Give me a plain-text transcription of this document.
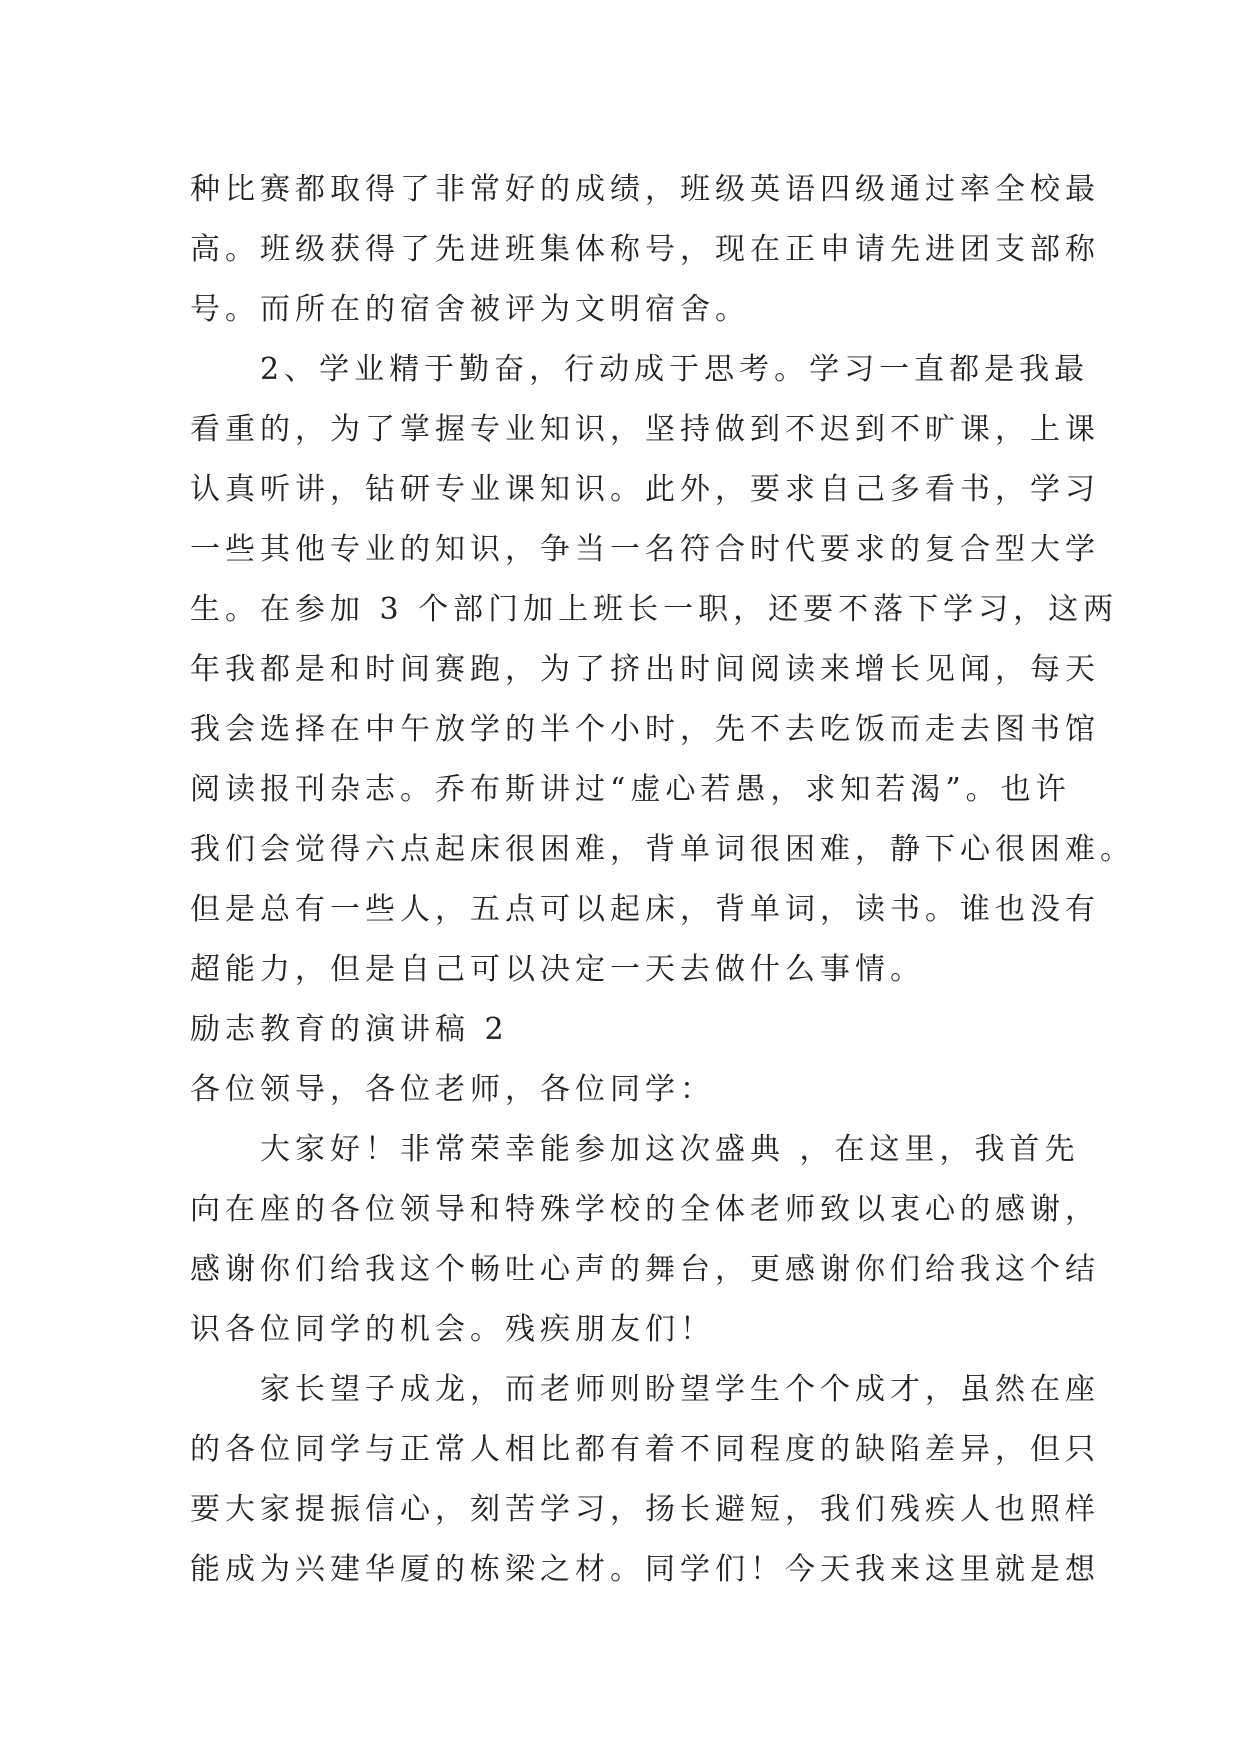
种比赛都取得了非常好的成绩，班级英语四级通过率全校最
高。班级获得了先进班集体称号，现在正申请先进团支部称
号。而所在的宿舍被评为文明宿舍。
2、学业精于勤奋，行动成于思考。学习一直都是我最
看重的，为了掌握专业知识，坚持做到不迟到不旷课，上课
认真听讲，钻研专业课知识。此外，要求自己多看书，学习
一些其他专业的知识，争当一名符合时代要求的复合型大学
生。在参加 3 个部门加上班长一职，还要不落下学习，这两
年我都是和时间赛跑，为了挤出时间阅读来增长见闻，每天
我会选择在中午放学的半个小时，先不去吃饭而走去图书馆
阅读报刊杂志。乔布斯讲过“虚心若愚，求知若渴”。也许
我们会觉得六点起床很困难，背单词很困难，静下心很困难。
但是总有一些人，五点可以起床，背单词，读书。谁也没有
超能力，但是自己可以决定一天去做什么事情。
励志教育的演讲稿 2
各位领导，各位老师，各位同学：
大家好！非常荣幸能参加这次盛典 ，在这里，我首先
向在座的各位领导和特殊学校的全体老师致以衷心的感谢，
感谢你们给我这个畅吐心声的舞台，更感谢你们给我这个结
识各位同学的机会。残疾朋友们！
家长望子成龙，而老师则盼望学生个个成才，虽然在座
的各位同学与正常人相比都有着不同程度的缺陷差异，但只
要大家提振信心，刻苦学习，扬长避短，我们残疾人也照样
能成为兴建华厦的栋梁之材。同学们！今天我来这里就是想
